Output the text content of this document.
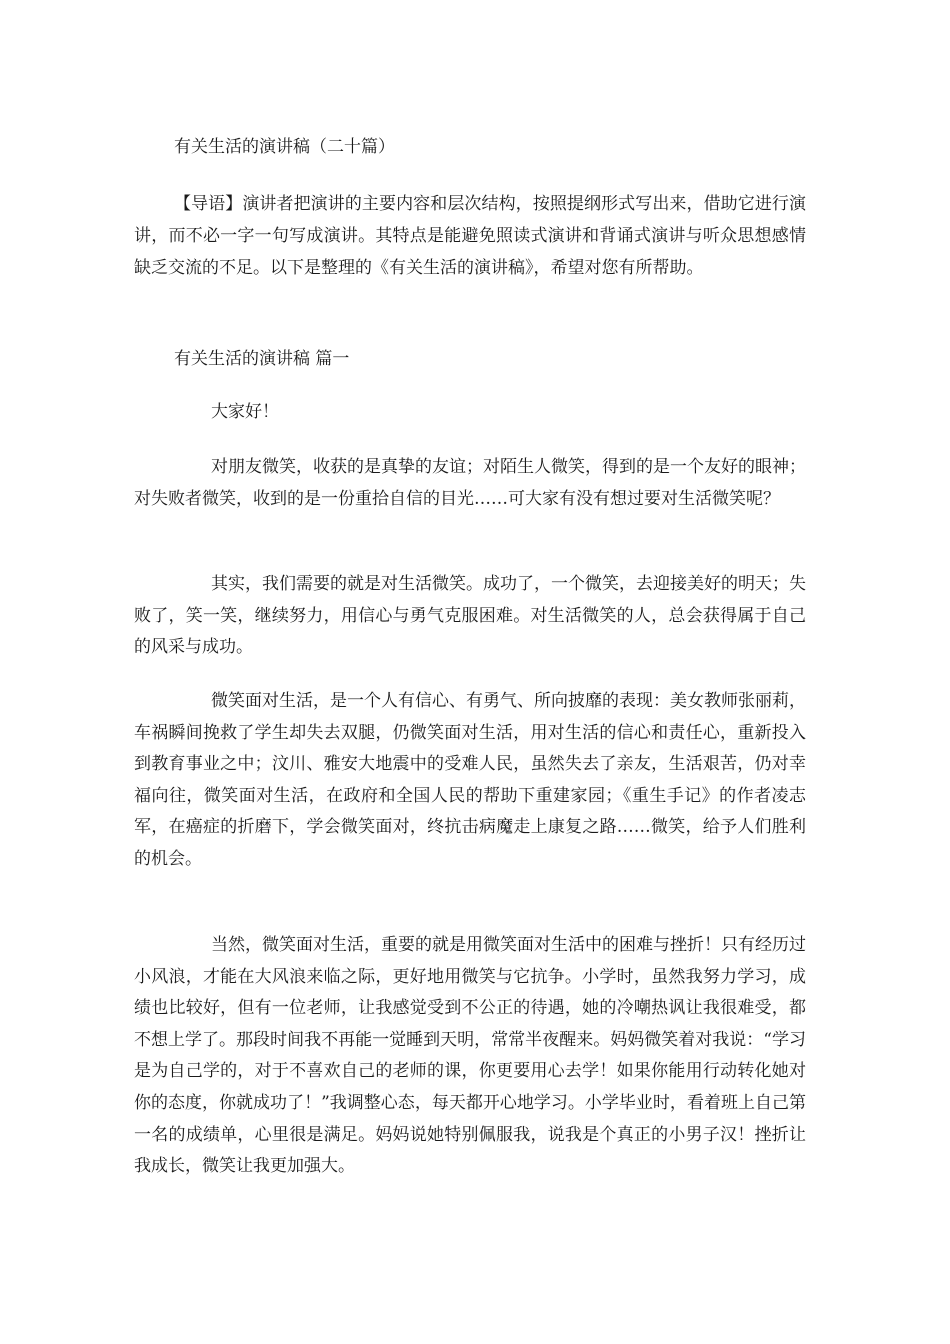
有关生活的演讲稿（二十篇）

【导语】演讲者把演讲的主要内容和层次结构，按照提纲形式写出来，借助它进行演讲，而不必一字一句写成演讲。其特点是能避免照读式演讲和背诵式演讲与听众思想感情缺乏交流的不足。以下是整理的《有关生活的演讲稿》，希望对您有所帮助。

有关生活的演讲稿 篇一
大家好！

对朋友微笑，收获的是真挚的友谊；对陌生人微笑，得到的是一个友好的眼神；对失败者微笑，收到的是一份重拾自信的目光……可大家有没有想过要对生活微笑呢？

其实，我们需要的就是对生活微笑。成功了，一个微笑，去迎接美好的明天；失败了，笑一笑，继续努力，用信心与勇气克服困难。对生活微笑的人，总会获得属于自己的风采与成功。

微笑面对生活，是一个人有信心、有勇气、所向披靡的表现：美女教师张丽莉，车祸瞬间挽救了学生却失去双腿，仍微笑面对生活，用对生活的信心和责任心，重新投入到教育事业之中；汶川、雅安大地震中的受难人民，虽然失去了亲友，生活艰苦，仍对幸福向往，微笑面对生活，在政府和全国人民的帮助下重建家园；《重生手记》的作者凌志军，在癌症的折磨下，学会微笑面对，终抗击病魔走上康复之路……微笑，给予人们胜利的机会。

当然，微笑面对生活，重要的就是用微笑面对生活中的困难与挫折！只有经历过小风浪，才能在大风浪来临之际，更好地用微笑与它抗争。小学时，虽然我努力学习，成绩也比较好，但有一位老师，让我感觉受到不公正的待遇，她的冷嘲热讽让我很难受，都不想上学了。那段时间我不再能一觉睡到天明，常常半夜醒来。妈妈微笑着对我说：“学习是为自己学的，对于不喜欢自己的老师的课，你更要用心去学！如果你能用行动转化她对你的态度，你就成功了！”我调整心态，每天都开心地学习。小学毕业时，看着班上自己第一名的成绩单，心里很是满足。妈妈说她特别佩服我，说我是个真正的小男子汉！挫折让我成长，微笑让我更加强大。
